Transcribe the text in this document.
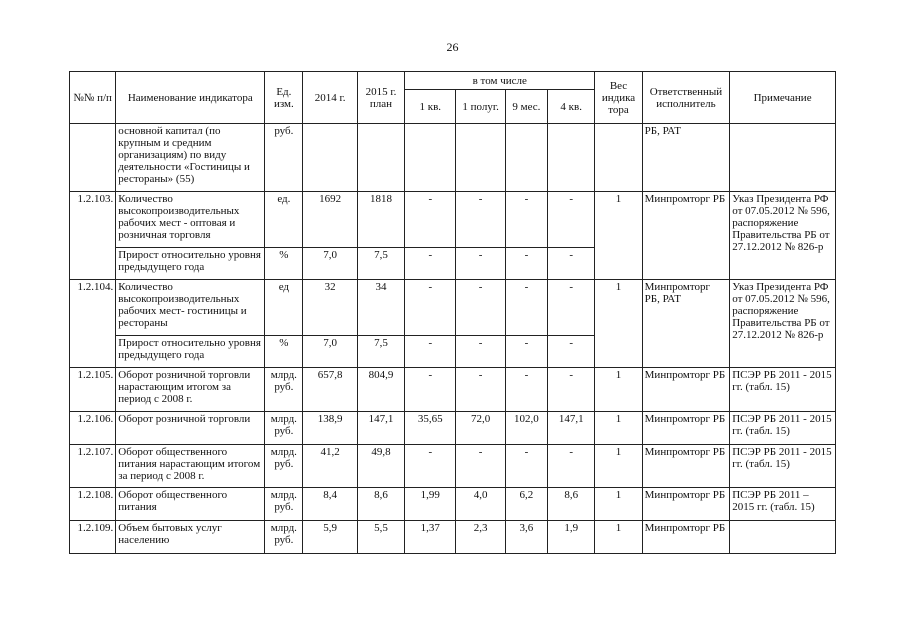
26
№№ п/п	Наименование индикатора	Ед. изм.	2014 г.	2015 г. план	в том числе				Вес индика тора	Ответственный исполнитель	Примечание
					1 кв.	1 полуг.	9 мес.	4 кв.			
	основной капитал (по крупным и средним организациям) по виду деятельности «Гостиницы и рестораны» (55)	руб.								РБ, РАТ	
1.2.103.	Количество высокопроизводительных рабочих мест - оптовая и розничная торговля	ед.	1692	1818	-	-	-	-	1	Минпромторг РБ	Указ Президента РФ от 07.05.2012 № 596, распоряжение Правительства РБ от 27.12.2012 № 826-р
	Прирост относительно уровня предыдущего года	%	7,0	7,5	-	-	-	-			
1.2.104.	Количество высокопроизводительных рабочих мест- гостиницы и рестораны	ед	32	34	-	-	-	-	1	Минпромторг РБ, РАТ	Указ Президента РФ от 07.05.2012 № 596, распоряжение Правительства РБ от 27.12.2012 № 826-р
	Прирост относительно уровня предыдущего года	%	7,0	7,5	-	-	-	-			
1.2.105.	Оборот розничной торговли нарастающим итогом за период с 2008 г.	млрд. руб.	657,8	804,9	-	-	-	-	1	Минпромторг РБ	ПСЭР РБ 2011 - 2015 гг. (табл. 15)
1.2.106.	Оборот розничной торговли	млрд. руб.	138,9	147,1	35,65	72,0	102,0	147,1	1	Минпромторг РБ	ПСЭР РБ 2011 - 2015 гг. (табл. 15)
1.2.107.	Оборот общественного питания нарастающим итогом за период с 2008 г.	млрд. руб.	41,2	49,8	-	-	-	-	1	Минпромторг РБ	ПСЭР РБ 2011 - 2015 гг. (табл. 15)
1.2.108.	Оборот общественного питания	млрд. руб.	8,4	8,6	1,99	4,0	6,2	8,6	1	Минпромторг РБ	ПСЭР РБ 2011 – 2015 гг. (табл. 15)
1.2.109.	Объем бытовых услуг населению	млрд. руб.	5,9	5,5	1,37	2,3	3,6	1,9	1	Минпромторг РБ	
